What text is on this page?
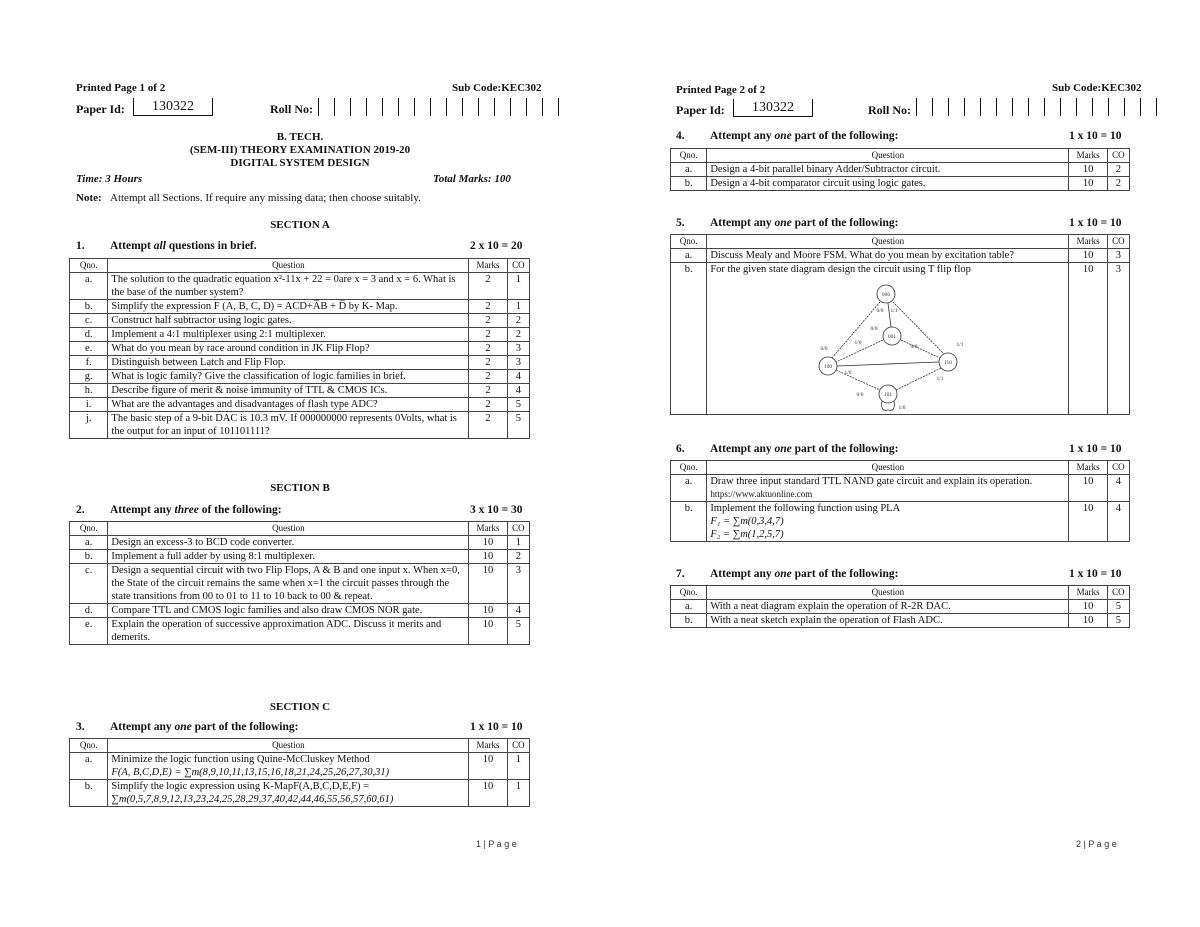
Printed Page 1 of 2	Sub Code:KEC302
Paper Id:	130322	Roll No:
B. TECH.
(SEM-III) THEORY EXAMINATION 2019-20
DIGITAL SYSTEM DESIGN
Time: 3 Hours	Total Marks: 100
Note: Attempt all Sections. If require any missing data; then choose suitably.
SECTION A
1. Attempt all questions in brief.	2 x 10 = 20
Qno.	Question	Marks	CO
a.	The solution to the quadratic equation x²-11x + 22 = 0are x = 3 and x = 6. What is the base of the number system?	2	1
b.	Simplify the expression F (A, B, C, D) = ACD+A̅B + D̅ by K- Map.	2	1
c.	Construct half subtractor using logic gates.	2	2
d.	Implement a 4:1 multiplexer using 2:1 multiplexer.	2	2
e.	What do you mean by race around condition in JK Flip Flop?	2	3
f.	Distinguish between Latch and Flip Flop.	2	3
g.	What is logic family? Give the classification of logic families in brief.	2	4
h.	Describe figure of merit & noise immunity of TTL & CMOS ICs.	2	4
i.	What are the advantages and disadvantages of flash type ADC?	2	5
j.	The basic step of a 9-bit DAC is 10.3 mV. If 000000000 represents 0Volts, what is the output for an input of 101101111?	2	5
SECTION B
2. Attempt any three of the following:	3 x 10 = 30
Qno.	Question	Marks	CO
a.	Design an excess-3 to BCD code converter.	10	1
b.	Implement a full adder by using 8:1 multiplexer.	10	2
c.	Design a sequential circuit with two Flip Flops, A & B and one input x. When x=0, the State of the circuit remains the same when x=1 the circuit passes through the state transitions from 00 to 01 to 11 to 10 back to 00 & repeat.	10	3
d.	Compare TTL and CMOS logic families and also draw CMOS NOR gate.	10	4
e.	Explain the operation of successive approximation ADC. Discuss it merits and demerits.	10	5
SECTION C
3. Attempt any one part of the following:	1 x 10 = 10
Qno.	Question	Marks	CO
a.	Minimize the logic function using Quine-McCluskey Method
F(A, B,C,D,E) = ∑m(8,9,10,11,13,15,16,18,21,24,25,26,27,30,31)	10	1
b.	Simplify the logic expression using K-MapF(A,B,C,D,E,F) =
∑m(0,5,7,8,9,12,13,23,24,25,28,29,37,40,42,44,46,55,56,57,60,61)	10	1
1 | P a g e
Printed Page 2 of 2	Sub Code:KEC302
Paper Id:	130322	Roll No:
4. Attempt any one part of the following:	1 x 10 = 10
Qno.	Question	Marks	CO
a.	Design a 4-bit parallel binary Adder/Subtractor circuit.	10	2
b.	Design a 4-bit comparator circuit using logic gates.	10	2
5. Attempt any one part of the following:	1 x 10 = 10
Qno.	Question	Marks	CO
a.	Discuss Mealy and Moore FSM. What do you mean by excitation table?	10	3
b.	For the given state diagram design the circuit using T flip flop	10	3
000
001
100
110
101
0/0 1/1
0/0
1/0
0/0	1/1
0/0
1/0
1/1
0/0
1/0
6. Attempt any one part of the following:	1 x 10 = 10
Qno.	Question	Marks	CO
a.	Draw three input standard TTL NAND gate circuit and explain its operation. https://www.aktuonline.com	10	4
b.	Implement the following function using PLA
F₁ = ∑m(0,3,4,7)
F₂ = ∑m(1,2,5,7)	10	4
7. Attempt any one part of the following:	1 x 10 = 10
Qno.	Question	Marks	CO
a.	With a neat diagram explain the operation of R-2R DAC.	10	5
b.	With a neat sketch explain the operation of Flash ADC.	10	5
2 | P a g e
